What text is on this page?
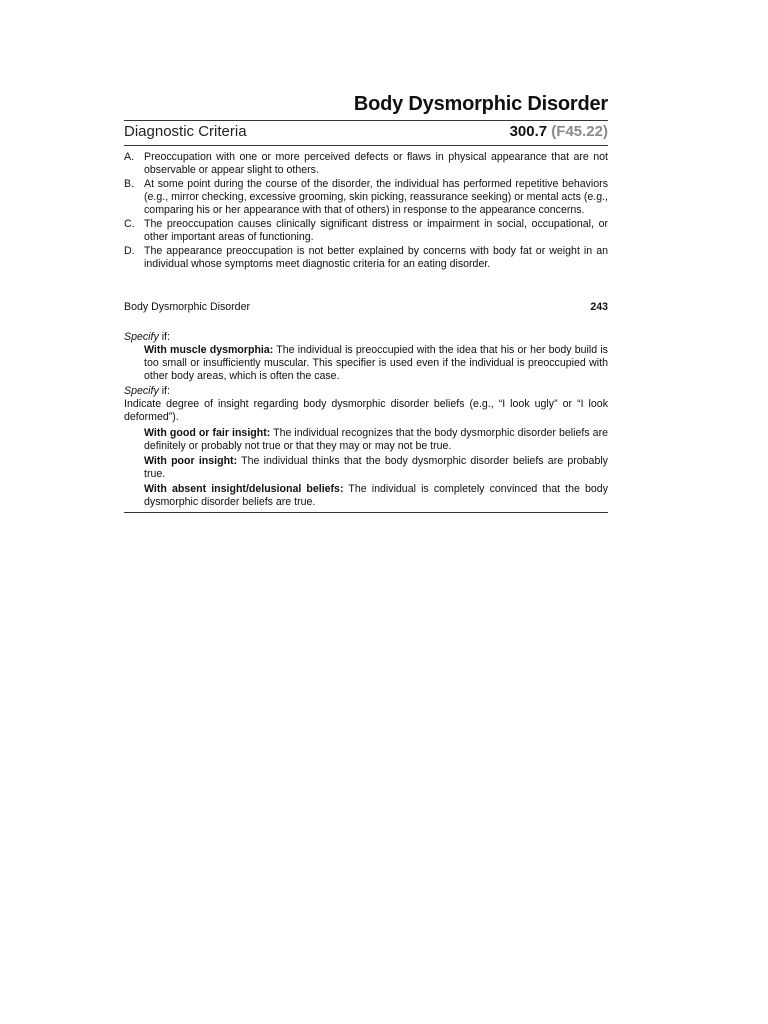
Body Dysmorphic Disorder
Diagnostic Criteria	300.7 (F45.22)
A. Preoccupation with one or more perceived defects or flaws in physical appearance that are not observable or appear slight to others.
B. At some point during the course of the disorder, the individual has performed repetitive behaviors (e.g., mirror checking, excessive grooming, skin picking, reassurance seeking) or mental acts (e.g., comparing his or her appearance with that of others) in response to the appearance concerns.
C. The preoccupation causes clinically significant distress or impairment in social, occupational, or other important areas of functioning.
D. The appearance preoccupation is not better explained by concerns with body fat or weight in an individual whose symptoms meet diagnostic criteria for an eating disorder.
Body Dysmorphic Disorder	243

Specify if:

With muscle dysmorphia: The individual is preoccupied with the idea that his or her body build is too small or insufficiently muscular. This specifier is used even if the individual is preoccupied with other body areas, which is often the case.

Specify if:

Indicate degree of insight regarding body dysmorphic disorder beliefs (e.g., “I look ugly” or “I look deformed”).
With good or fair insight: The individual recognizes that the body dysmorphic disorder beliefs are definitely or probably not true or that they may or may not be true.
With poor insight: The individual thinks that the body dysmorphic disorder beliefs are probably true.
With absent insight/delusional beliefs: The individual is completely convinced that the body dysmorphic disorder beliefs are true.
